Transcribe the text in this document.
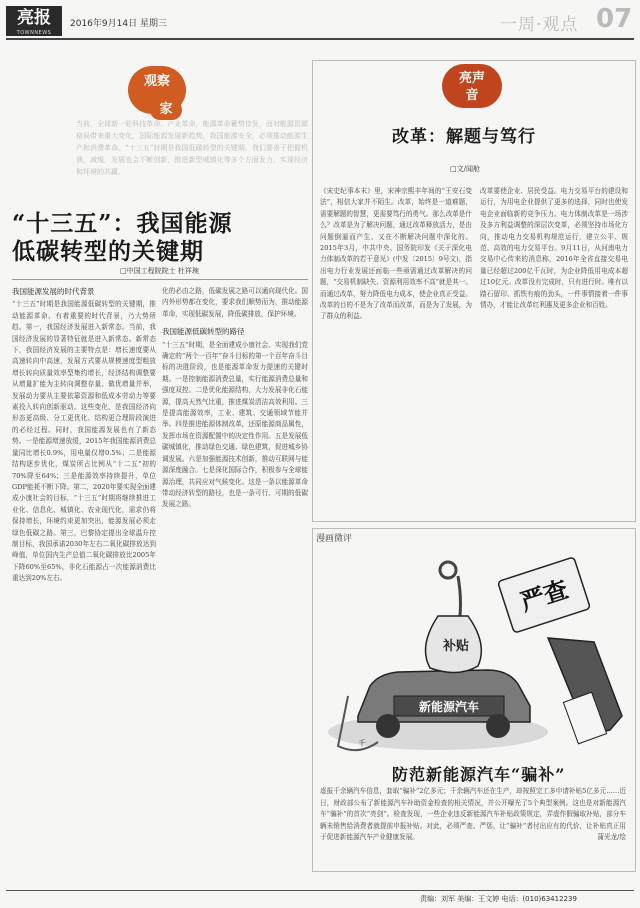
亮报
TOWNNEWS
2016年9月14日 星期三	一周·观点 07
观察
家
当前，全球新一轮科技革命、产业革命，能源革命蓄势待发，而对能源资源格局带来重大变化，国际能源发展新趋势，我国能源安全、必须推动能源生产和消费革命。“十三五”时期是我国低碳转型的关键期，我们要善于把握机遇，减缓，发展也会不断创新，推进新型城镇化等多个方面发力，实现经济和环境的共赢。
“十三五”：我国能源
低碳转型的关键期
□中国工程院院士 杜祥琬
我国能源发展的时代背景
“十三五”时期是我国能源低碳转型的关键期，推动能源革命、有着重要的时代背景，乃大势所趋。第一，我国经济发展进入新常态。当前，我国经济发展的显著特征就是进入新常态。新常态下，我国经济发展的主要特点是：增长速度要从高速转向中高速，发展方式要从规模速度型粗放增长转向质量效率型集约增长，经济结构调整要从增量扩能为主转向调整存量、做优增量并举，发展动力要从主要依靠资源和低成本劳动力等要素投入转向创新驱动。这些变化，是我国经济向形态更高级、分工更优化、结构更合理阶段演进的必经过程。同时，我国能源发展也有了新态势。一是能源增速放缓，2015年我国能源消费总量同比增长0.9%，用电量仅增0.5%；二是能源结构逐步优化，煤炭所占比例从“十二五”初的70%降至64%；三是能源效率持续提升，单位GDP能耗不断下降。第二，2020年要实现全面建成小康社会的目标，“十三五”时期将继续推进工业化、信息化、城镇化、农业现代化，需求仍将保持增长，环境约束更加突出，能源发展必须走绿色低碳之路。第三，巴黎协定提出全球温升控制目标，我国承诺2030年左右二氧化碳排放达到峰值，单位国内生产总值二氧化碳排放比2005年下降60%至65%，非化石能源占一次能源消费比重达到20%左右。
化的必由之路，低碳发展之路可以通向现代化。国内外形势都在变化，要求我们顺势而为，推动能源革命，实现低碳发展，降低碳排放，保护环境。
我国能源低碳转型的路径
“十三五”时期，是全面建成小康社会、实现我们党确定的“两个一百年”奋斗目标的第一个百年奋斗目标的决胜阶段，也是能源革命发力提速的关键时期。一是控制能源消费总量，实行能源消费总量和强度双控。二是优化能源结构，大力发展非化石能源，提高天然气比重，推进煤炭清洁高效利用。三是提高能源效率，工业、建筑、交通领域节能并举。四是推进能源体制改革，还原能源商品属性，发挥市场在资源配置中的决定性作用。五是发展低碳城镇化，推动绿色交通、绿色建筑，促进城乡协调发展。六是加强能源技术创新，推动互联网与能源深度融合。七是深化国际合作，积极参与全球能源治理，共同应对气候变化。这是一条以能源革命带动经济转型的路径，也是一条可行、可期的低碳发展之路。
亮声
音
改革：解题与笃行
□文/闻舱
《宋史纪事本末》里，宋神宗熙丰年间的“王安石变法”，相信大家并不陌生。改革，始终是一道难题，需要解题的智慧，更需要笃行的勇气。那么改革是什么？改革是为了解决问题，通过改革释放活力，是由问题倒逼而产生、又在不断解决问题中深化的。2015年3月，中共中央、国务院印发《关于深化电力体制改革的若干意见》(中发〔2015〕9号文)，指出电力行业发展还面临一些亟需通过改革解决的问题，“交易机制缺失、资源利用效率不高”就是其一。而通过改革，努力降低电力成本，使企业真正受益。改革的目的不是为了改革而改革，而是为了发展，为了群众的利益。
改革要使企业、居民受益。电力交易平台的建设和运行，为用电企业提供了更多的选择，同时也使发电企业面临新的竞争压力。电力体制改革是一场涉及多方利益调整的深层次变革，必须坚持市场化方向，推动电力交易机构规范运行，建立公平、规范、高效的电力交易平台。9月11日，从河南电力交易中心传来的消息称，2016年全省直接交易电量已经超过200亿千瓦时，为企业降低用电成本超过10亿元。改革没有完成时，只有进行时。唯有以踏石留印、抓铁有痕的劲头，一件事情接着一件事情办，才能让改革红利惠及更多企业和百姓。
漫画微评
新能源汽车
补贴
严查
千
防范新能源汽车“骗补”
虚报千余辆汽车信息，套取“骗补”2亿多元；千余辆汽车还在生产，却按照完工多申请补贴5亿多元……近日，财政部公布了新能源汽车补助资金检查的相关情况，并公开曝光了5个典型案例。这也是对新能源汽车“骗补”的首次“亮剑”。检查发现，一些企业违反新能源汽车补贴政策规定，弄虚作假骗取补贴，部分车辆未销售给消费者就提前申报补贴。对此，必须严查、严惩，让“骗补”者付出应有的代价，让补贴真正用于促进新能源汽车产业健康发展。	蒲光龙/绘
责编：刘军 美编：王文婷 电话：(010)63412239
